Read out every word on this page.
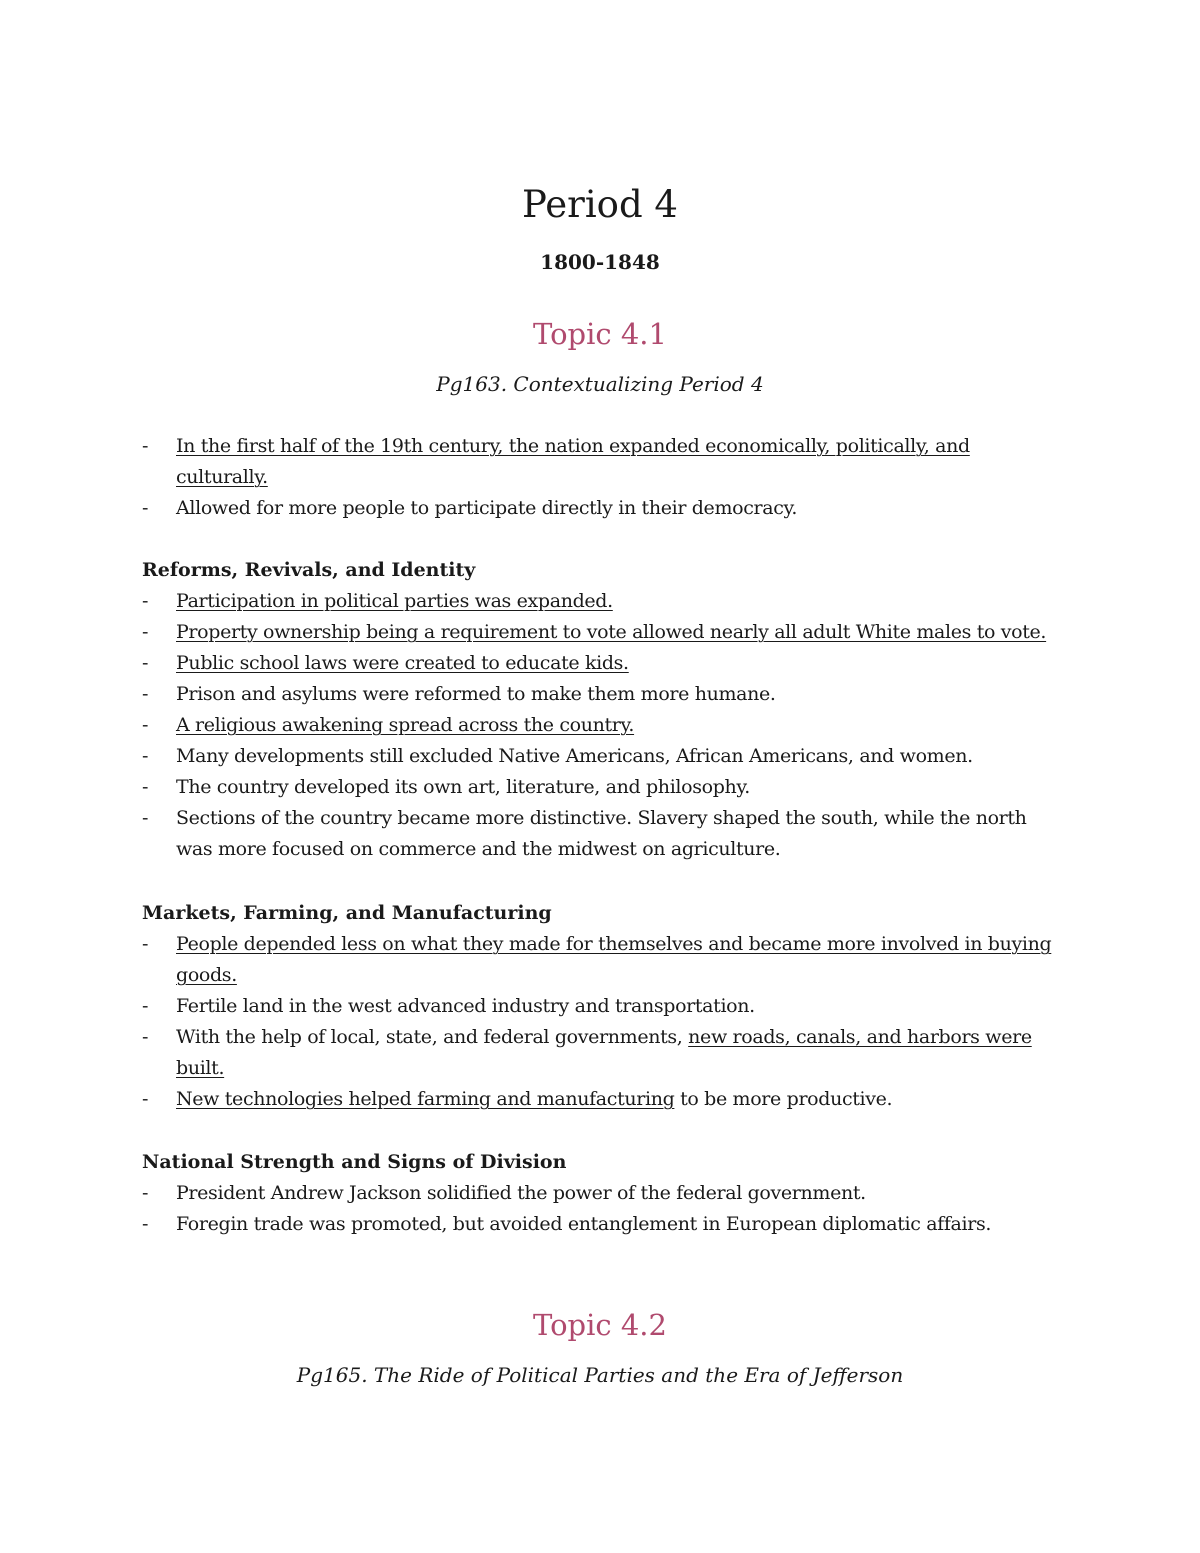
Period 4
1800-1848
Topic 4.1
Pg163. Contextualizing Period 4
- In the first half of the 19th century, the nation expanded economically, politically, and culturally.
- Allowed for more people to participate directly in their democracy.
Reforms, Revivals, and Identity
- Participation in political parties was expanded.
- Property ownership being a requirement to vote allowed nearly all adult White males to vote.
- Public school laws were created to educate kids.
- Prison and asylums were reformed to make them more humane.
- A religious awakening spread across the country.
- Many developments still excluded Native Americans, African Americans, and women.
- The country developed its own art, literature, and philosophy.
- Sections of the country became more distinctive. Slavery shaped the south, while the north was more focused on commerce and the midwest on agriculture.
Markets, Farming, and Manufacturing
- People depended less on what they made for themselves and became more involved in buying goods.
- Fertile land in the west advanced industry and transportation.
- With the help of local, state, and federal governments, new roads, canals, and harbors were built.
- New technologies helped farming and manufacturing to be more productive.
National Strength and Signs of Division
- President Andrew Jackson solidified the power of the federal government.
- Foregin trade was promoted, but avoided entanglement in European diplomatic affairs.
Topic 4.2
Pg165. The Ride of Political Parties and the Era of Jefferson
